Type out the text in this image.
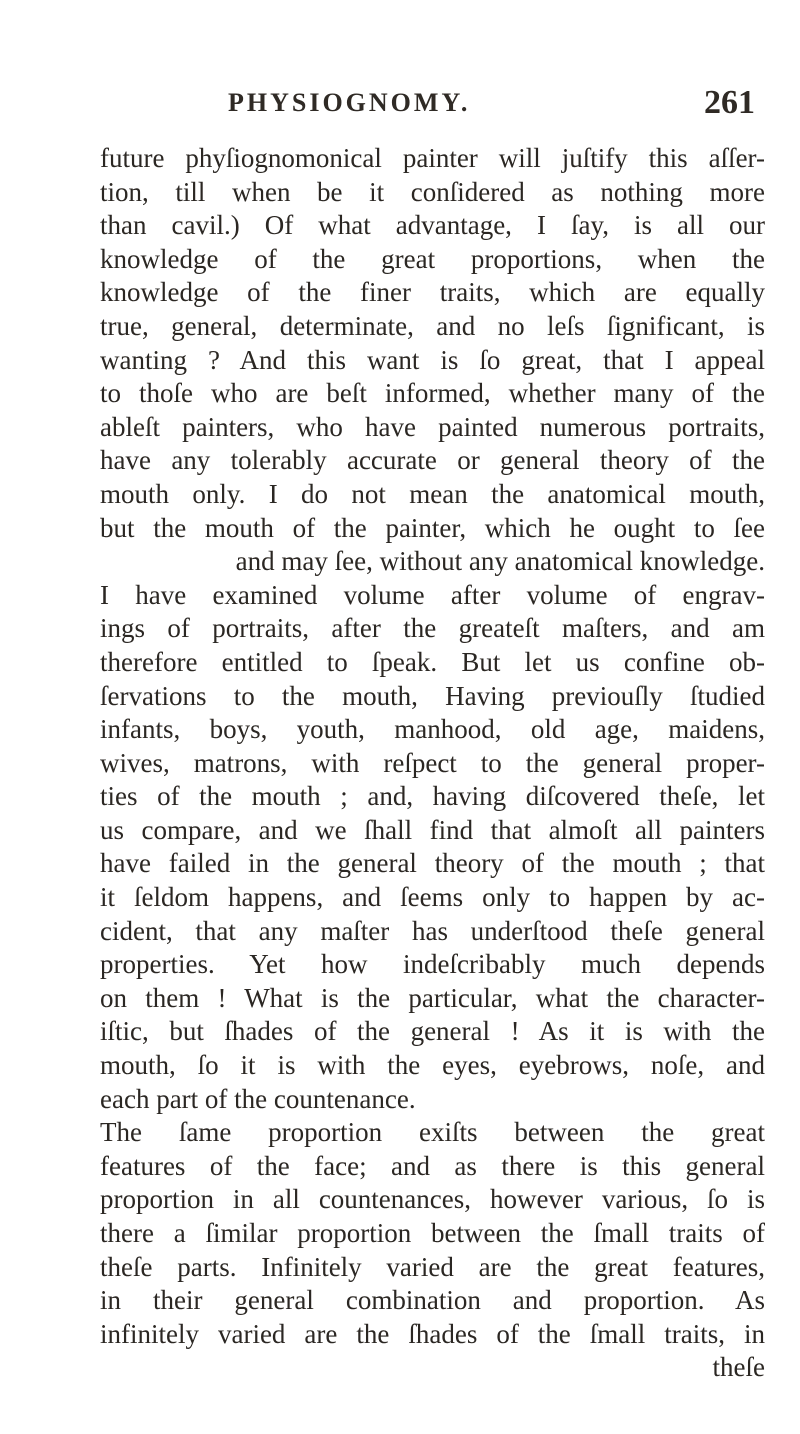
PHYSIOGNOMY.	261
future phyſiognomonical painter will juſtify this aſſer-
tion, till when be it conſidered as nothing more
than cavil.) Of what advantage, I ſay, is all our
knowledge of the great proportions, when the
knowledge of the finer traits, which are equally
true, general, determinate, and no leſs ſignificant, is
wanting ? And this want is ſo great, that I appeal
to thoſe who are beſt informed, whether many of the
ableſt painters, who have painted numerous portraits,
have any tolerably accurate or general theory of the
mouth only. I do not mean the anatomical mouth,
but the mouth of the painter, which he ought to ſee
and may ſee, without any anatomical knowledge.
I have examined volume after volume of engrav-
ings of portraits, after the greateſt maſters, and am
therefore entitled to ſpeak. But let us confine ob-
ſervations to the mouth, Having previouſly ſtudied
infants, boys, youth, manhood, old age, maidens,
wives, matrons, with reſpect to the general proper-
ties of the mouth ; and, having diſcovered theſe, let
us compare, and we ſhall find that almoſt all painters
have failed in the general theory of the mouth ; that
it ſeldom happens, and ſeems only to happen by ac-
cident, that any maſter has underſtood theſe general
properties. Yet how indeſcribably much depends
on them ! What is the particular, what the character-
iſtic, but ſhades of the general ! As it is with the
mouth, ſo it is with the eyes, eyebrows, noſe, and
each part of the countenance.
The ſame proportion exiſts between the great
features of the face; and as there is this general
proportion in all countenances, however various, ſo is
there a ſimilar proportion between the ſmall traits of
theſe parts. Infinitely varied are the great features,
in their general combination and proportion. As
infinitely varied are the ſhades of the ſmall traits, in
theſe
